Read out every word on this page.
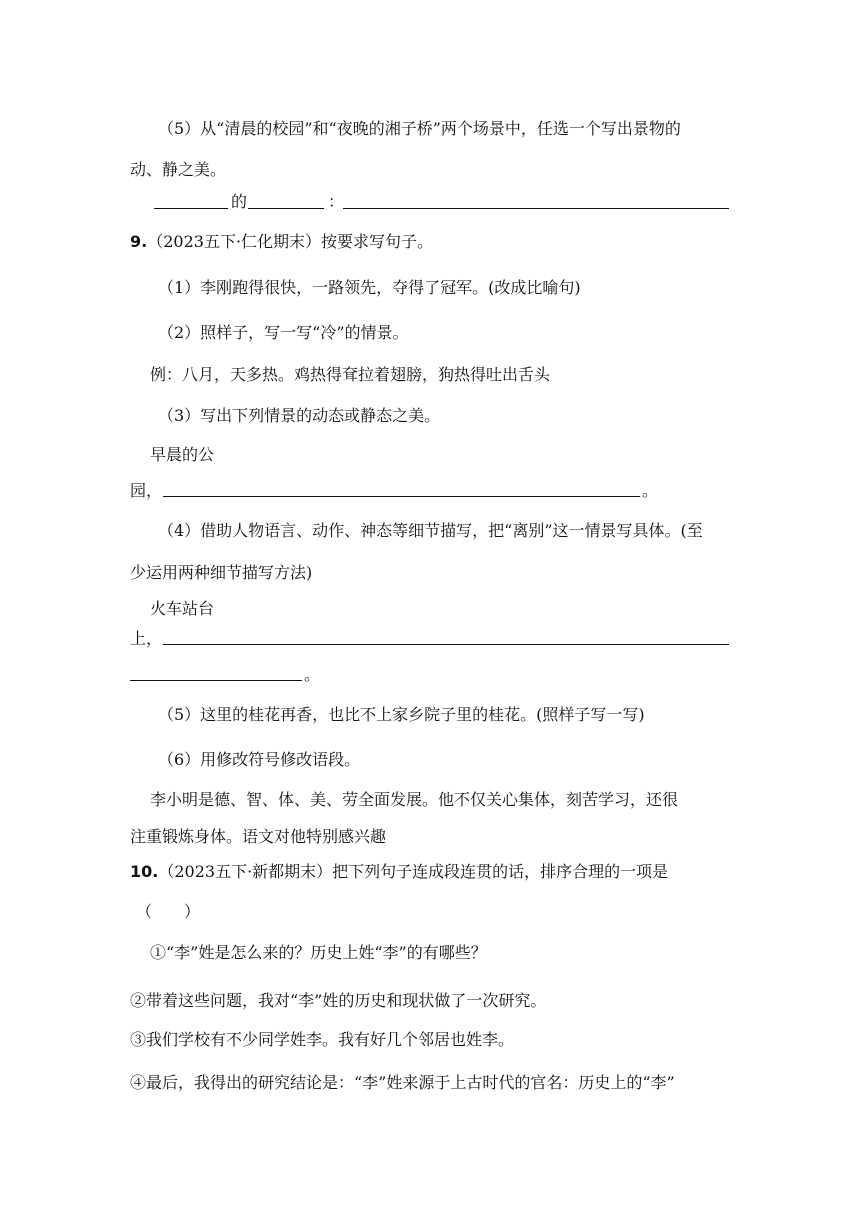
（5）从“清晨的校园”和“夜晚的湘子桥”两个场景中，任选一个写出景物的
动、静之美。
的	：
9.（2023五下·仁化期末）按要求写句子。
（1）李刚跑得很快，一路领先，夺得了冠军。(改成比喻句)
（2）照样子，写一写“冷”的情景。
例：八月，天多热。鸡热得耷拉着翅膀，狗热得吐出舌头
（3）写出下列情景的动态或静态之美。
早晨的公
园，	。
（4）借助人物语言、动作、神态等细节描写，把“离别”这一情景写具体。(至
少运用两种细节描写方法)
火车站台
上，
。
（5）这里的桂花再香，也比不上家乡院子里的桂花。(照样子写一写)
（6）用修改符号修改语段。
李小明是德、智、体、美、劳全面发展。他不仅关心集体，刻苦学习，还很
注重锻炼身体。语文对他特别感兴趣
10.（2023五下·新都期末）把下列句子连成段连贯的话，排序合理的一项是
（　　）
①“李”姓是怎么来的？历史上姓“李”的有哪些？
②带着这些问题，我对“李”姓的历史和现状做了一次研究。
③我们学校有不少同学姓李。我有好几个邻居也姓李。
④最后，我得出的研究结论是：“李”姓来源于上古时代的官名：历史上的“李”
